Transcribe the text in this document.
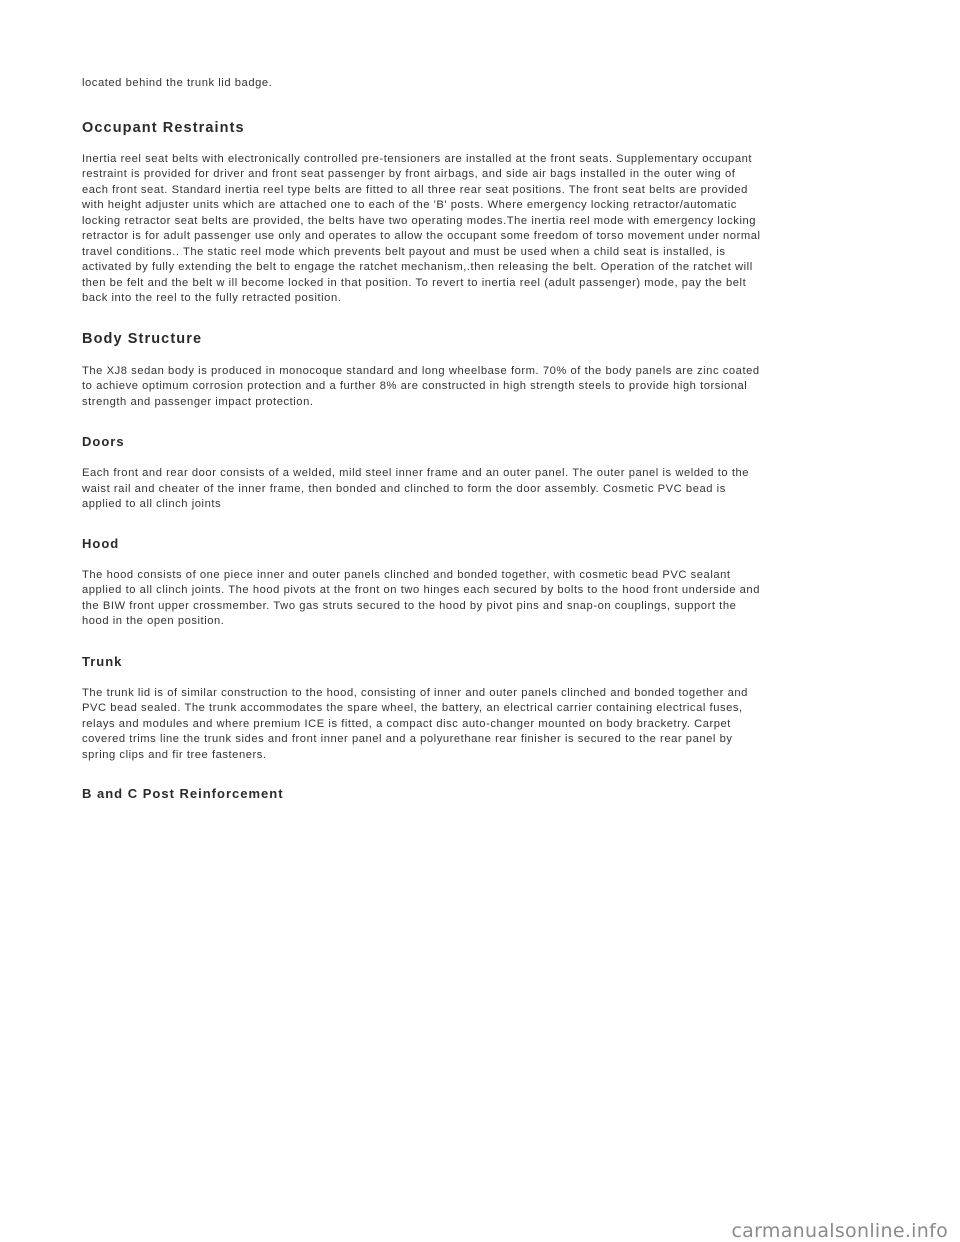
located behind the trunk lid badge.

Occupant Restraints

Inertia reel seat belts with electronically controlled pre-tensioners are installed at the front seats. Supplementary occupant
restraint is provided for driver and front seat passenger by front airbags, and side air bags installed in the outer wing of
each front seat. Standard inertia reel type belts are fitted to all three rear seat positions. The front seat belts are provided
with height adjuster units which are attached one to each of the 'B' posts. Where emergency locking retractor/automatic
locking retractor seat belts are provided, the belts have two operating modes.The inertia reel mode with emergency locking
retractor is for adult passenger use only and operates to allow the occupant some freedom of torso movement under normal
travel conditions.. The static reel mode which prevents belt payout and must be used when a child seat is installed, is
activated by fully extending the belt to engage the ratchet mechanism,.then releasing the belt. Operation of the ratchet will
then be felt and the belt w ill become locked in that position. To revert to inertia reel (adult passenger) mode, pay the belt
back into the reel to the fully retracted position.

Body Structure

The XJ8 sedan body is produced in monocoque standard and long wheelbase form. 70% of the body panels are zinc coated
to achieve optimum corrosion protection and a further 8% are constructed in high strength steels to provide high torsional
strength and passenger impact protection.

Doors

Each front and rear door consists of a welded, mild steel inner frame and an outer panel. The outer panel is welded to the
waist rail and cheater of the inner frame, then bonded and clinched to form the door assembly. Cosmetic PVC bead is
applied to all clinch joints

Hood

The hood consists of one piece inner and outer panels clinched and bonded together, with cosmetic bead PVC sealant
applied to all clinch joints. The hood pivots at the front on two hinges each secured by bolts to the hood front underside and
the BIW front upper crossmember. Two gas struts secured to the hood by pivot pins and snap-on couplings, support the
hood in the open position.

Trunk

The trunk lid is of similar construction to the hood, consisting of inner and outer panels clinched and bonded together and
PVC bead sealed. The trunk accommodates the spare wheel, the battery, an electrical carrier containing electrical fuses,
relays and modules and where premium ICE is fitted, a compact disc auto-changer mounted on body bracketry. Carpet
covered trims line the trunk sides and front inner panel and a polyurethane rear finisher is secured to the rear panel by
spring clips and fir tree fasteners.

B and C Post Reinforcement
carmanualsonline.info
